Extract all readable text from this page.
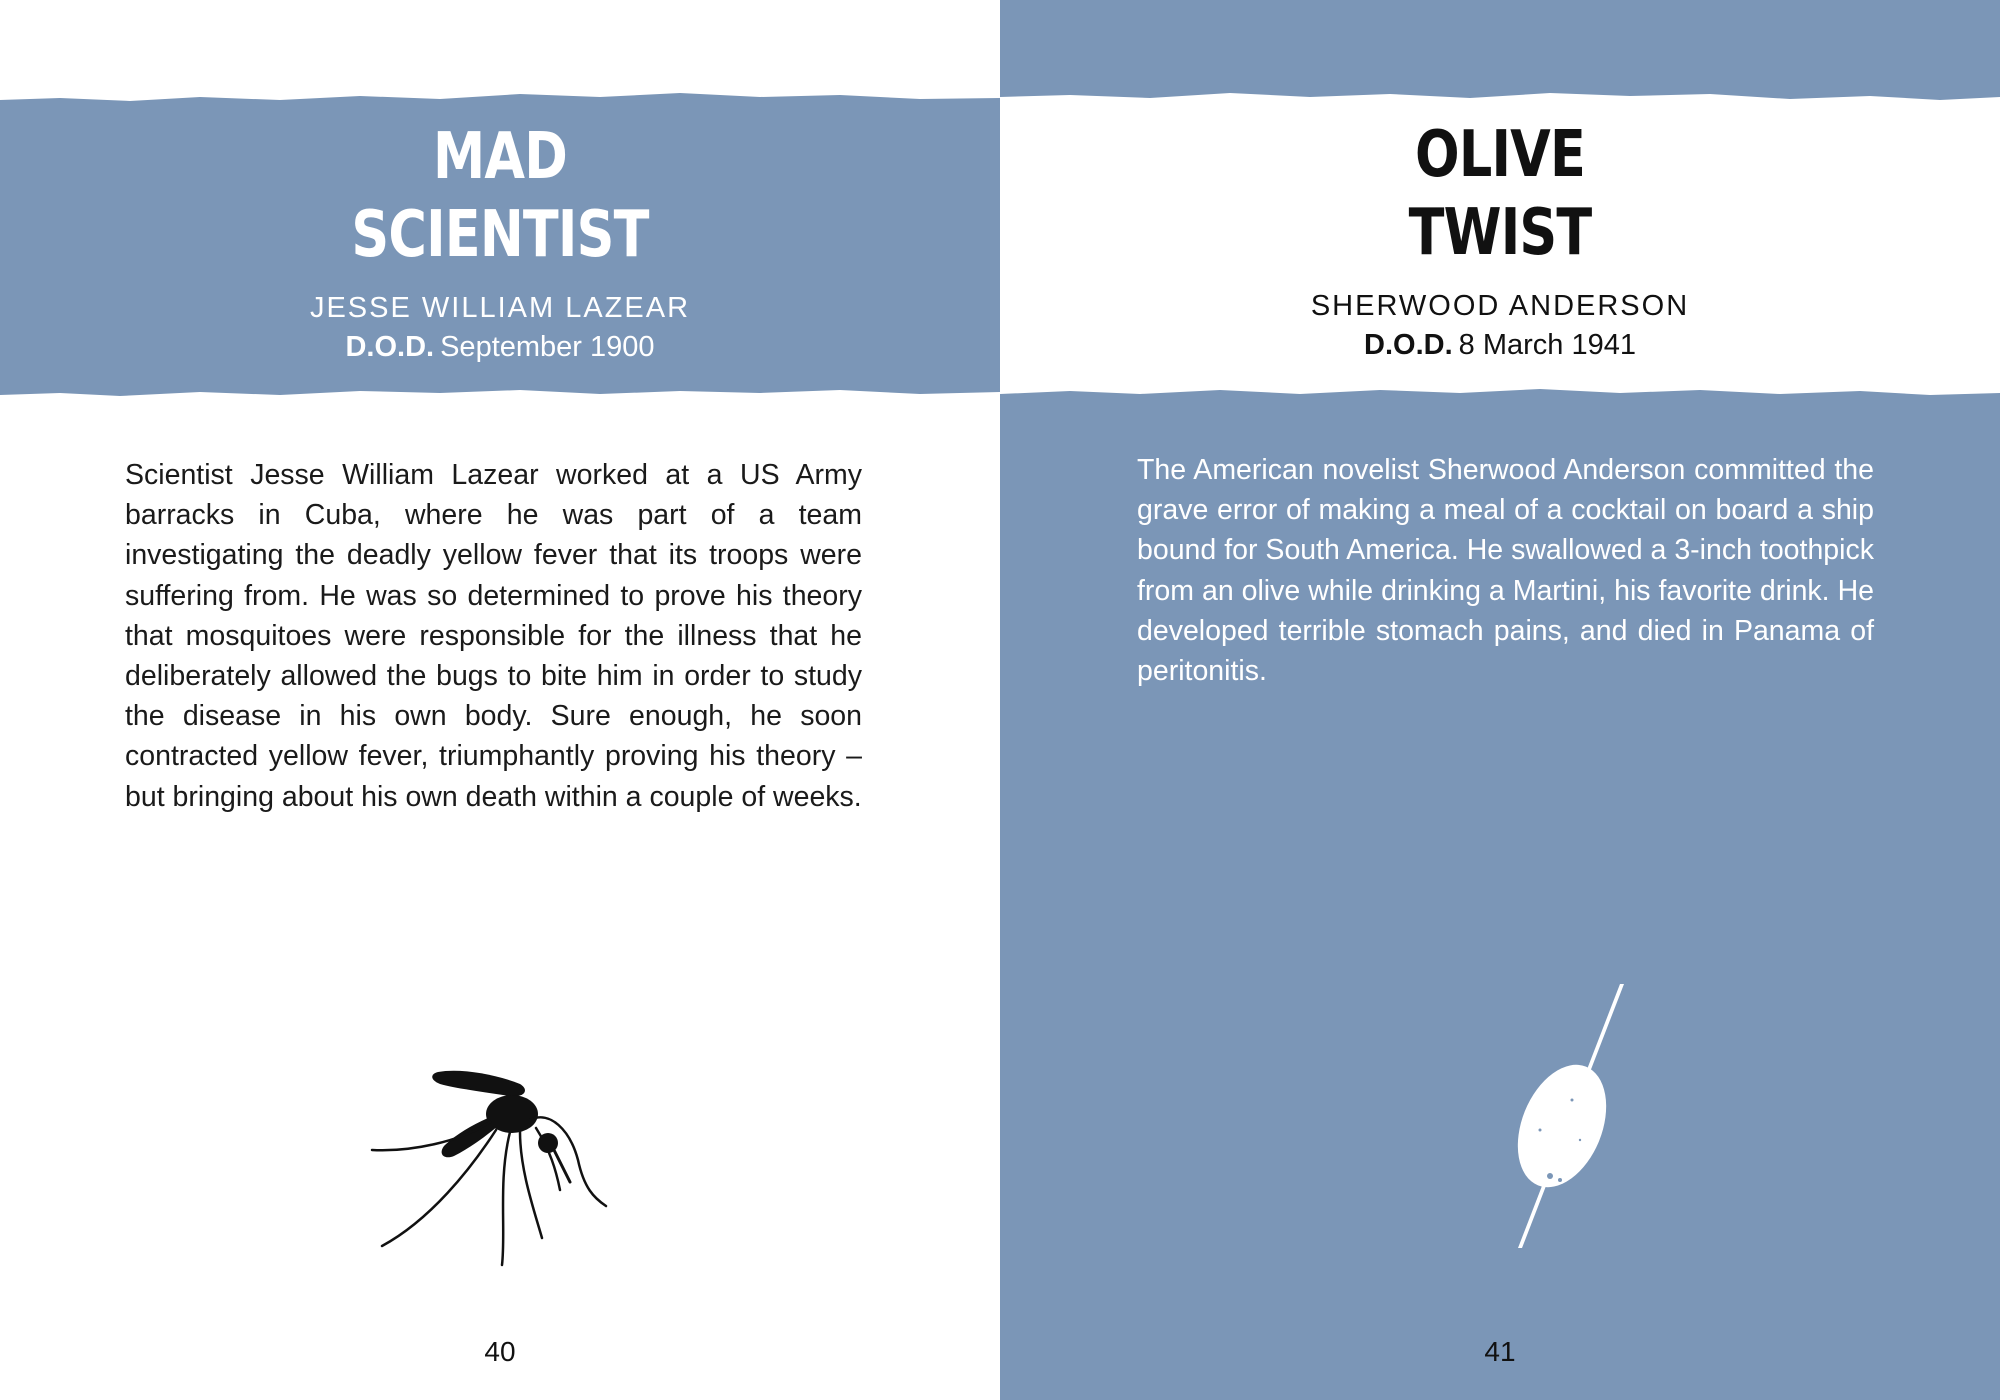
MAD
SCIENTIST
JESSE WILLIAM LAZEAR
D.O.D. September 1900

Scientist Jesse William Lazear worked at a US Army barracks in Cuba, where he was part of a team investigating the deadly yellow fever that its troops were suffering from. He was so determined to prove his theory that mosquitoes were responsible for the illness that he deliberately allowed the bugs to bite him in order to study the disease in his own body. Sure enough, he soon contracted yellow fever, triumphantly proving his theory – but bringing about his own death within a couple of weeks.

40
OLIVE
TWIST
SHERWOOD ANDERSON
D.O.D. 8 March 1941

The American novelist Sherwood Anderson committed the grave error of making a meal of a cocktail on board a ship bound for South America. He swallowed a 3-inch toothpick from an olive while drinking a Martini, his favorite drink. He developed terrible stomach pains, and died in Panama of peritonitis.

41
